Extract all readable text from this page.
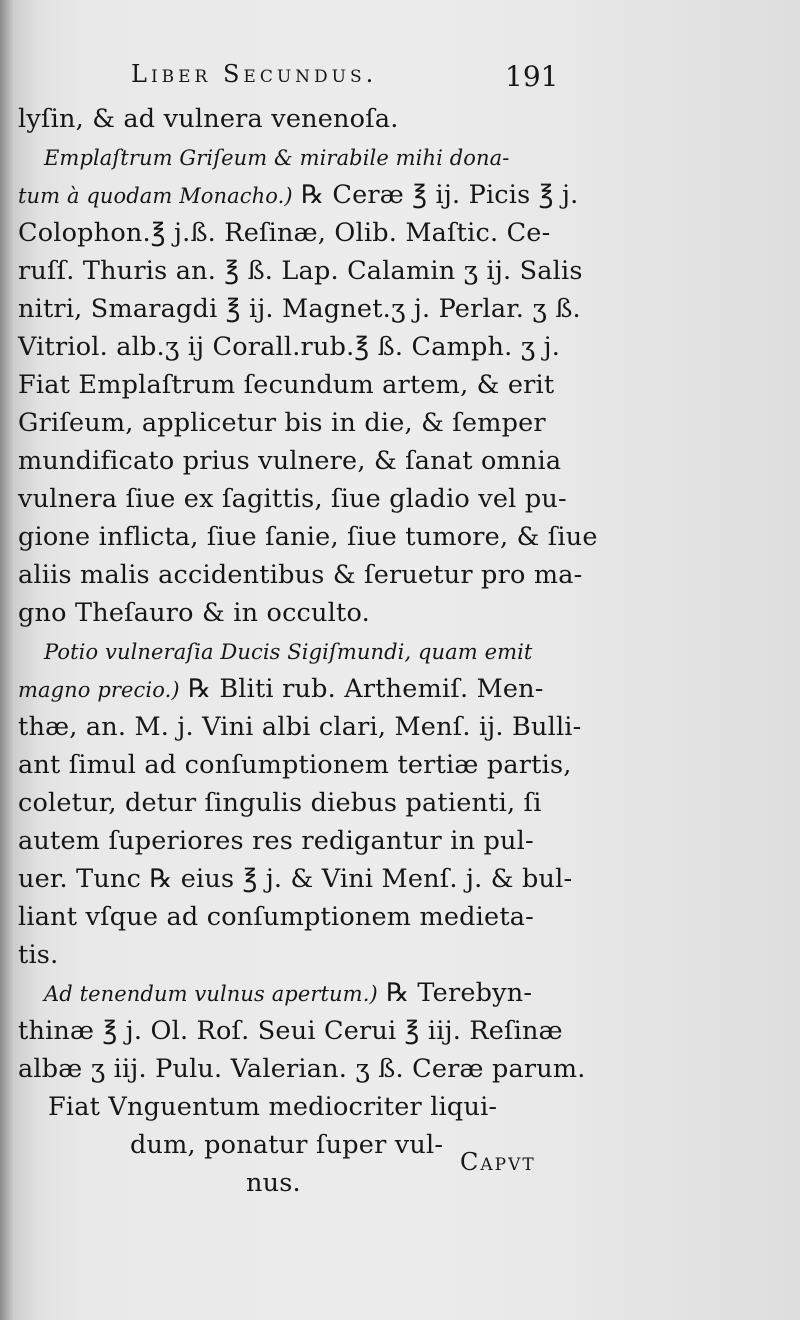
Liber Secundus.	191
lyſin, & ad vulnera venenoſa.
Emplaſtrum Griſeum & mirabile mihi dona-
tum à quodam Monacho.) ℞ Ceræ ℥ ij. Picis ℥ j.
Colophon.℥ j.ß. Reſinæ, Olib. Maſtic. Ce-
ruſſ. Thuris an. ℥ ß. Lap. Calamin ʒ ij. Salis
nitri, Smaragdi ℥ ij. Magnet.ʒ j. Perlar. ʒ ß.
Vitriol. alb.ʒ ij Corall.rub.℥ ß. Camph. ʒ j.
Fiat Emplaſtrum ſecundum artem, & erit
Griſeum, applicetur bis in die, & ſemper
mundificato prius vulnere, & ſanat omnia
vulnera ſiue ex ſagittis, ſiue gladio vel pu-
gione inflicta, ſiue ſanie, ſiue tumore, & ſiue
aliis malis accidentibus & ſeruetur pro ma-
gno Theſauro & in occulto.
Potio vulneraſia Ducis Sigiſmundi, quam emit
magno precio.) ℞ Bliti rub. Arthemiſ. Men-
thæ, an. M. j. Vini albi clari, Menſ. ij. Bulli-
ant ſimul ad conſumptionem tertiæ partis,
coletur, detur ſingulis diebus patienti, ſi
autem ſuperiores res redigantur in pul-
uer. Tunc ℞ eius ℥ j. & Vini Menſ. j. & bul-
liant vſque ad conſumptionem medieta-
tis.
Ad tenendum vulnus apertum.) ℞ Terebyn-
thinæ ℥ j. Ol. Roſ. Seui Cerui ℥ iij. Reſinæ
albæ ʒ iij. Pulu. Valerian. ʒ ß. Ceræ parum.
Fiat Vnguentum mediocriter liqui-
dum, ponatur ſuper vul-
nus.
Capvt
